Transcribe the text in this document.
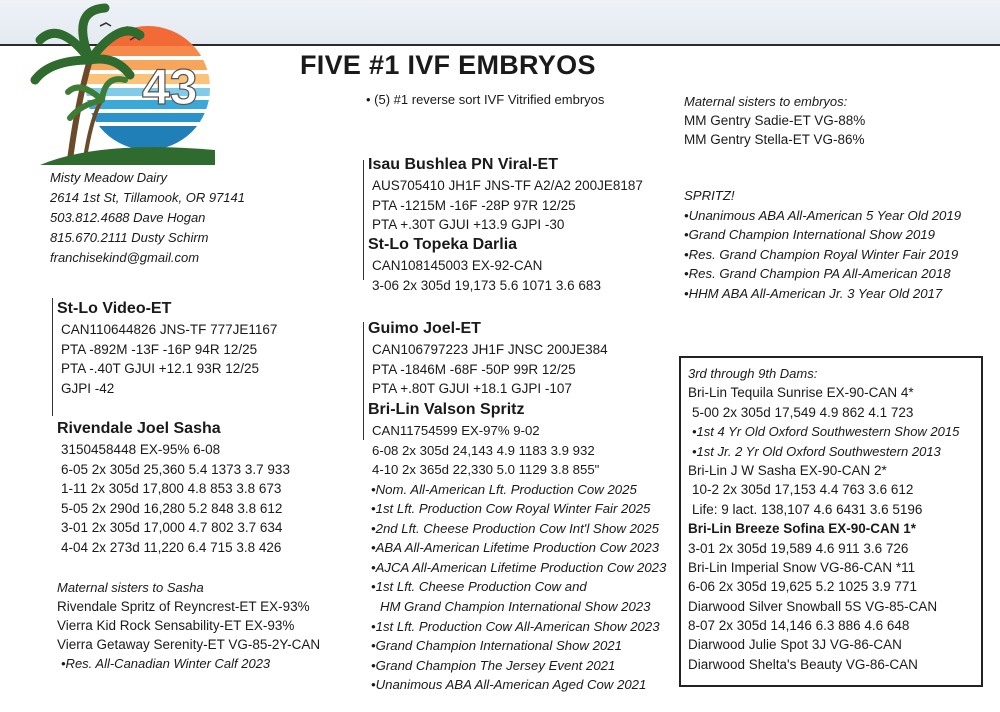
43	FIVE #1 IVF EMBRYOS
• (5) #1 reverse sort IVF Vitrified embryos
Misty Meadow Dairy
2614 1st St, Tillamook, OR 97141
503.812.4688 Dave Hogan
815.670.2111 Dusty Schirm
franchisekind@gmail.com
St-Lo Video-ET
CAN110644826 JNS-TF 777JE1167
PTA -892M -13F -16P 94R 12/25
PTA -.40T GJUI +12.1 93R 12/25
GJPI -42
Rivendale Joel Sasha
3150458448 EX-95% 6-08
6-05 2x 305d 25,360 5.4 1373 3.7 933
1-11 2x 305d 17,800 4.8 853 3.8 673
5-05 2x 290d 16,280 5.2 848 3.8 612
3-01 2x 305d 17,000 4.7 802 3.7 634
4-04 2x 273d 11,220 6.4 715 3.8 426
Maternal sisters to Sasha
Rivendale Spritz of Reyncrest-ET EX-93%
Vierra Kid Rock Sensability-ET EX-93%
Vierra Getaway Serenity-ET VG-85-2Y-CAN
•Res. All-Canadian Winter Calf 2023
Isau Bushlea PN Viral-ET
AUS705410 JH1F JNS-TF A2/A2 200JE8187
PTA -1215M -16F -28P 97R 12/25
PTA +.30T GJUI +13.9 GJPI -30
St-Lo Topeka Darlia
CAN108145003 EX-92-CAN
3-06 2x 305d 19,173 5.6 1071 3.6 683
Guimo Joel-ET
CAN106797223 JH1F JNSC 200JE384
PTA -1846M -68F -50P 99R 12/25
PTA +.80T GJUI +18.1 GJPI -107
Bri-Lin Valson Spritz
CAN11754599 EX-97% 9-02
6-08 2x 305d 24,143 4.9 1183 3.9 932
4-10 2x 365d 22,330 5.0 1129 3.8 855"
•Nom. All-American Lft. Production Cow 2025
•1st Lft. Production Cow Royal Winter Fair 2025
•2nd Lft. Cheese Production Cow Int'l Show 2025
•ABA All-American Lifetime Production Cow 2023
•AJCA All-American Lifetime Production Cow 2023
•1st Lft. Cheese Production Cow and
HM Grand Champion International Show 2023
•1st Lft. Production Cow All-American Show 2023
•Grand Champion International Show 2021
•Grand Champion The Jersey Event 2021
•Unanimous ABA All-American Aged Cow 2021
Maternal sisters to embryos:
MM Gentry Sadie-ET VG-88%
MM Gentry Stella-ET VG-86%
SPRITZ!
•Unanimous ABA All-American 5 Year Old 2019
•Grand Champion International Show 2019
•Res. Grand Champion Royal Winter Fair 2019
•Res. Grand Champion PA All-American 2018
•HHM ABA All-American Jr. 3 Year Old 2017
3rd through 9th Dams:
Bri-Lin Tequila Sunrise EX-90-CAN 4*
5-00 2x 305d 17,549 4.9 862 4.1 723
•1st 4 Yr Old Oxford Southwestern Show 2015
•1st Jr. 2 Yr Old Oxford Southwestern 2013
Bri-Lin J W Sasha EX-90-CAN 2*
10-2 2x 305d 17,153 4.4 763 3.6 612
Life: 9 lact. 138,107 4.6 6431 3.6 5196
Bri-Lin Breeze Sofina EX-90-CAN 1*
3-01 2x 305d 19,589 4.6 911 3.6 726
Bri-Lin Imperial Snow VG-86-CAN *11
6-06 2x 305d 19,625 5.2 1025 3.9 771
Diarwood Silver Snowball 5S VG-85-CAN
8-07 2x 305d 14,146 6.3 886 4.6 648
Diarwood Julie Spot 3J VG-86-CAN
Diarwood Shelta's Beauty VG-86-CAN
